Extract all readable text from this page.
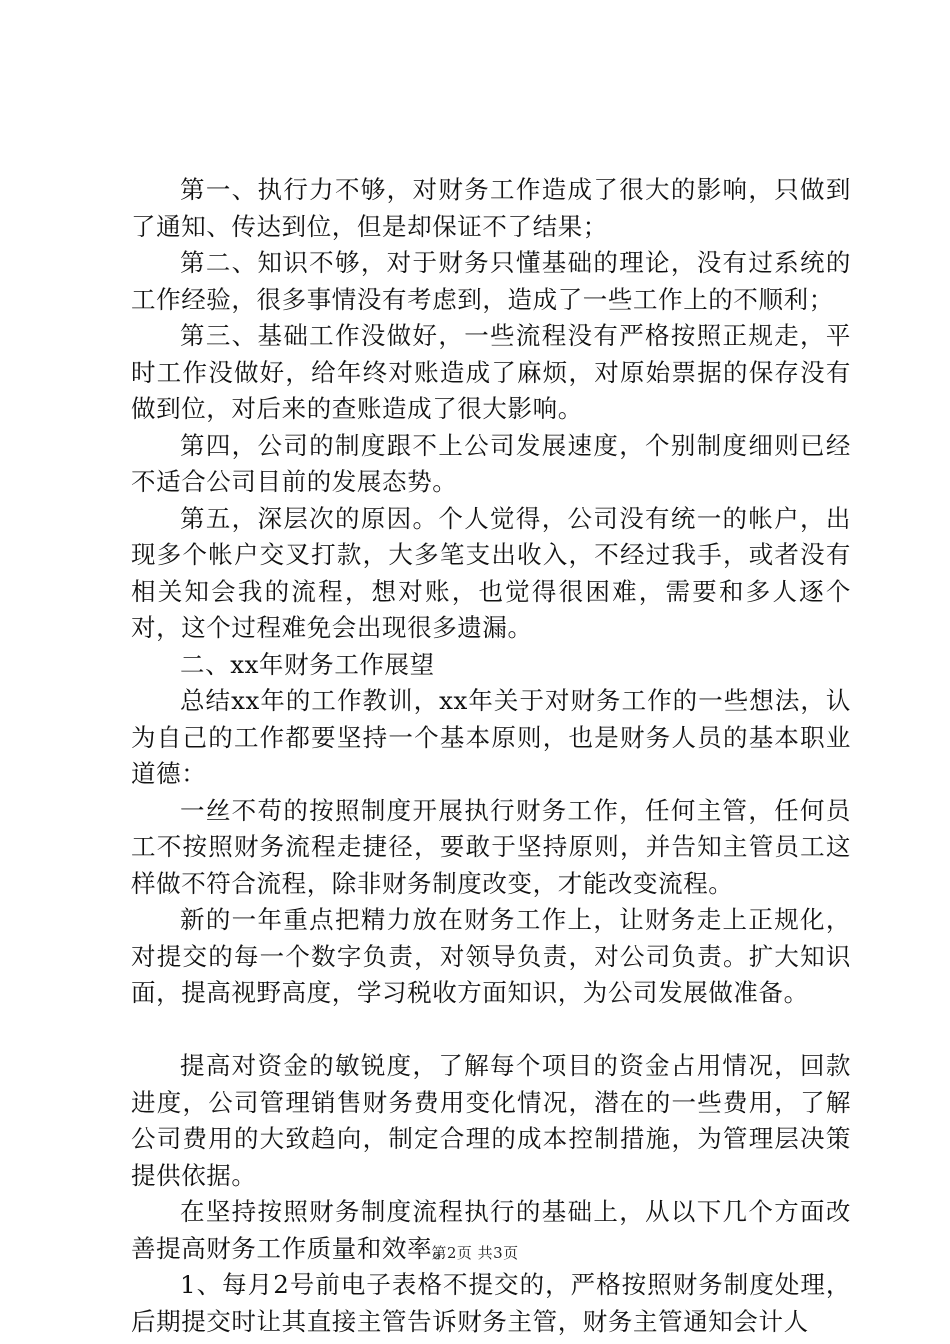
第一、执行力不够，对财务工作造成了很大的影响，只做到了通知、传达到位，但是却保证不了结果；

第二、知识不够，对于财务只懂基础的理论，没有过系统的工作经验，很多事情没有考虑到，造成了一些工作上的不顺利；

第三、基础工作没做好，一些流程没有严格按照正规走，平时工作没做好，给年终对账造成了麻烦，对原始票据的保存没有做到位，对后来的查账造成了很大影响。

第四，公司的制度跟不上公司发展速度，个别制度细则已经不适合公司目前的发展态势。

第五，深层次的原因。个人觉得，公司没有统一的帐户，出现多个帐户交叉打款，大多笔支出收入，不经过我手，或者没有相关知会我的流程，想对账，也觉得很困难，需要和多人逐个对，这个过程难免会出现很多遗漏。

二、xx年财务工作展望

总结xx年的工作教训，xx年关于对财务工作的一些想法，认为自己的工作都要坚持一个基本原则，也是财务人员的基本职业道德：

一丝不苟的按照制度开展执行财务工作，任何主管，任何员工不按照财务流程走捷径，要敢于坚持原则，并告知主管员工这样做不符合流程，除非财务制度改变，才能改变流程。

新的一年重点把精力放在财务工作上，让财务走上正规化，对提交的每一个数字负责，对领导负责，对公司负责。扩大知识面，提高视野高度，学习税收方面知识，为公司发展做准备。

提高对资金的敏锐度，了解每个项目的资金占用情况，回款进度，公司管理销售财务费用变化情况，潜在的一些费用，了解公司费用的大致趋向，制定合理的成本控制措施，为管理层决策提供依据。

在坚持按照财务制度流程执行的基础上，从以下几个方面改善提高财务工作质量和效率。

1、每月2号前电子表格不提交的，严格按照财务制度处理，后期提交时让其直接主管告诉财务主管，财务主管通知会计人

第2页 共3页
